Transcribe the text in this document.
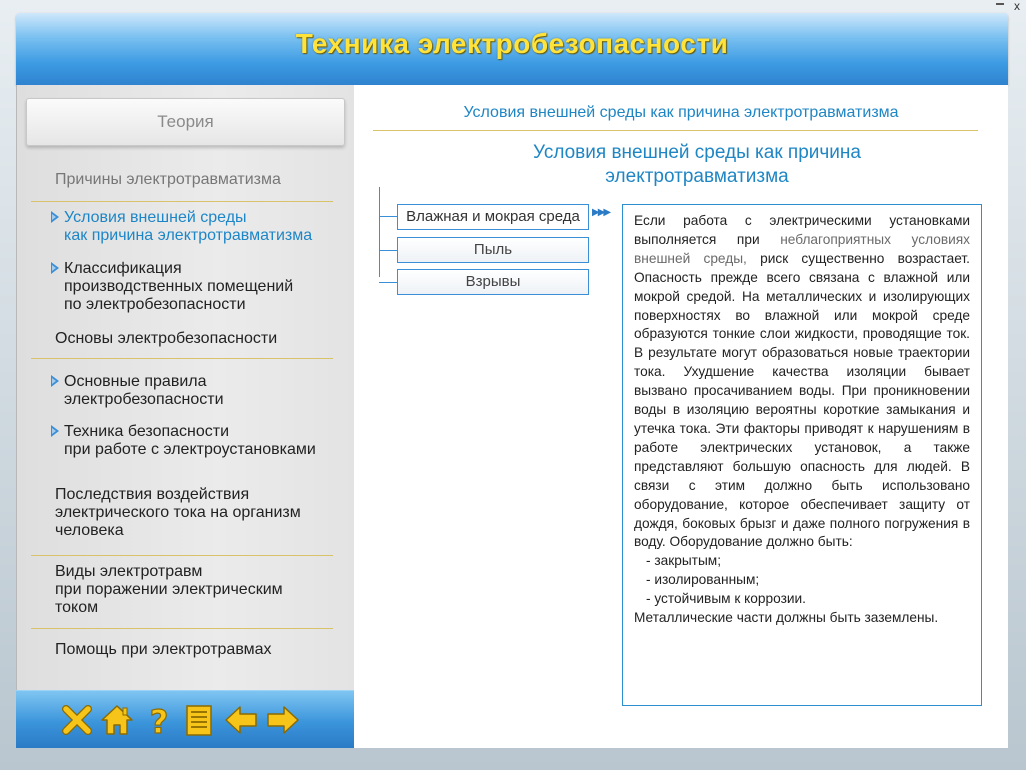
x
Техника электробезопасности
Теория
Причины электротравматизма
Условия внешней среды
как причина электротравматизма
Классификация
производственных помещений
по электробезопасности
Основы электробезопасности
Основные правила
электробезопасности
Техника безопасности
при работе с электроустановками
Последствия воздействия
электрического тока на организм
человека
Виды электротравм
при поражении электрическим
током
Помощь при электротравмах
?
Условия внешней среды как причина электротравматизма
Условия внешней среды как причина
электротравматизма
Влажная и мокрая среда
Пыль
Взрывы
▶▶▶
Если работа с электрическими установками выполняется при неблагоприятных условиях внешней среды, риск существенно возрастает. Опасность прежде всего связана с влажной или мокрой средой. На металлических и изолирующих поверхностях во влажной или мокрой среде образуются тонкие слои жидкости, проводящие ток. В результате могут образоваться новые траектории тока. Ухудшение качества изоляции бывает вызвано просачиванием воды. При проникновении воды в изоляцию вероятны короткие замыкания и утечка тока. Эти факторы приводят к нарушениям в работе электрических установок, а также представляют большую опасность для людей. В связи с этим должно быть использовано оборудование, которое обеспечивает защиту от дождя, боковых брызг и даже полного погружения в воду. Оборудование должно быть:
- закрытым;
- изолированным;
- устойчивым к коррозии.
Металлические части должны быть заземлены.
